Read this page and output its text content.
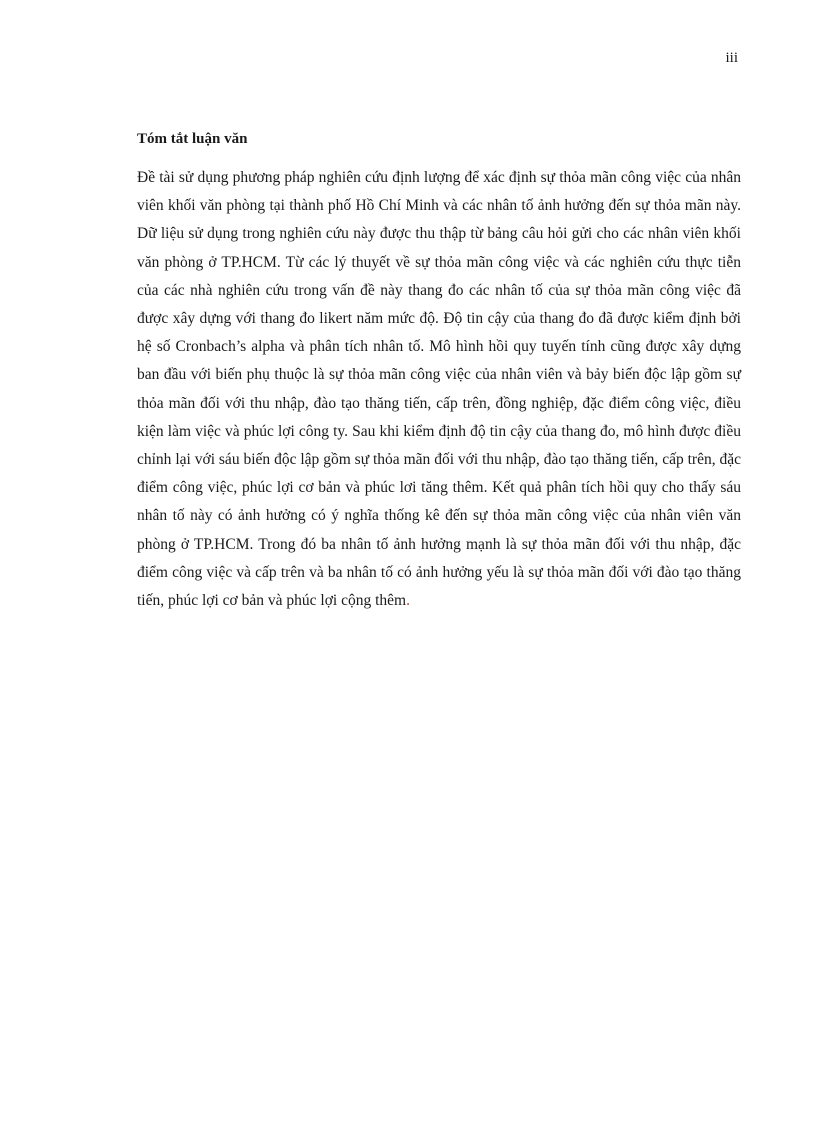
iii
Tóm tắt luận văn

Đề tài sử dụng phương pháp nghiên cứu định lượng để xác định sự thỏa mãn công việc của nhân viên khối văn phòng tại thành phố Hồ Chí Minh và các nhân tố ảnh hưởng đến sự thỏa mãn này. Dữ liệu sử dụng trong nghiên cứu này được thu thập từ bảng câu hỏi gửi cho các nhân viên khối văn phòng ở TP.HCM. Từ các lý thuyết về sự thỏa mãn công việc và các nghiên cứu thực tiễn của các nhà nghiên cứu trong vấn đề này thang đo các nhân tố của sự thỏa mãn công việc đã được xây dựng với thang đo likert năm mức độ. Độ tin cậy của thang đo đã được kiểm định bởi hệ số Cronbach’s alpha và phân tích nhân tố. Mô hình hồi quy tuyến tính cũng được xây dựng ban đầu với biến phụ thuộc là sự thỏa mãn công việc của nhân viên và bảy biến độc lập gồm sự thỏa mãn đối với thu nhập, đào tạo thăng tiến, cấp trên, đồng nghiệp, đặc điểm công việc, điều kiện làm việc và phúc lợi công ty. Sau khi kiểm định độ tin cậy của thang đo, mô hình được điều chỉnh lại với sáu biến độc lập gồm sự thỏa mãn đối với thu nhập, đào tạo thăng tiến, cấp trên, đặc điểm công việc, phúc lợi cơ bản và phúc lơi tăng thêm. Kết quả phân tích hồi quy cho thấy sáu nhân tố này có ảnh hưởng có ý nghĩa thống kê đến sự thỏa mãn công việc của nhân viên văn phòng ở TP.HCM. Trong đó ba nhân tố ảnh hưởng mạnh là sự thỏa mãn đối với thu nhập, đặc điểm công việc và cấp trên và ba nhân tố có ảnh hưởng yếu là sự thỏa mãn đối với đào tạo thăng tiến, phúc lợi cơ bản và phúc lợi cộng thêm.
